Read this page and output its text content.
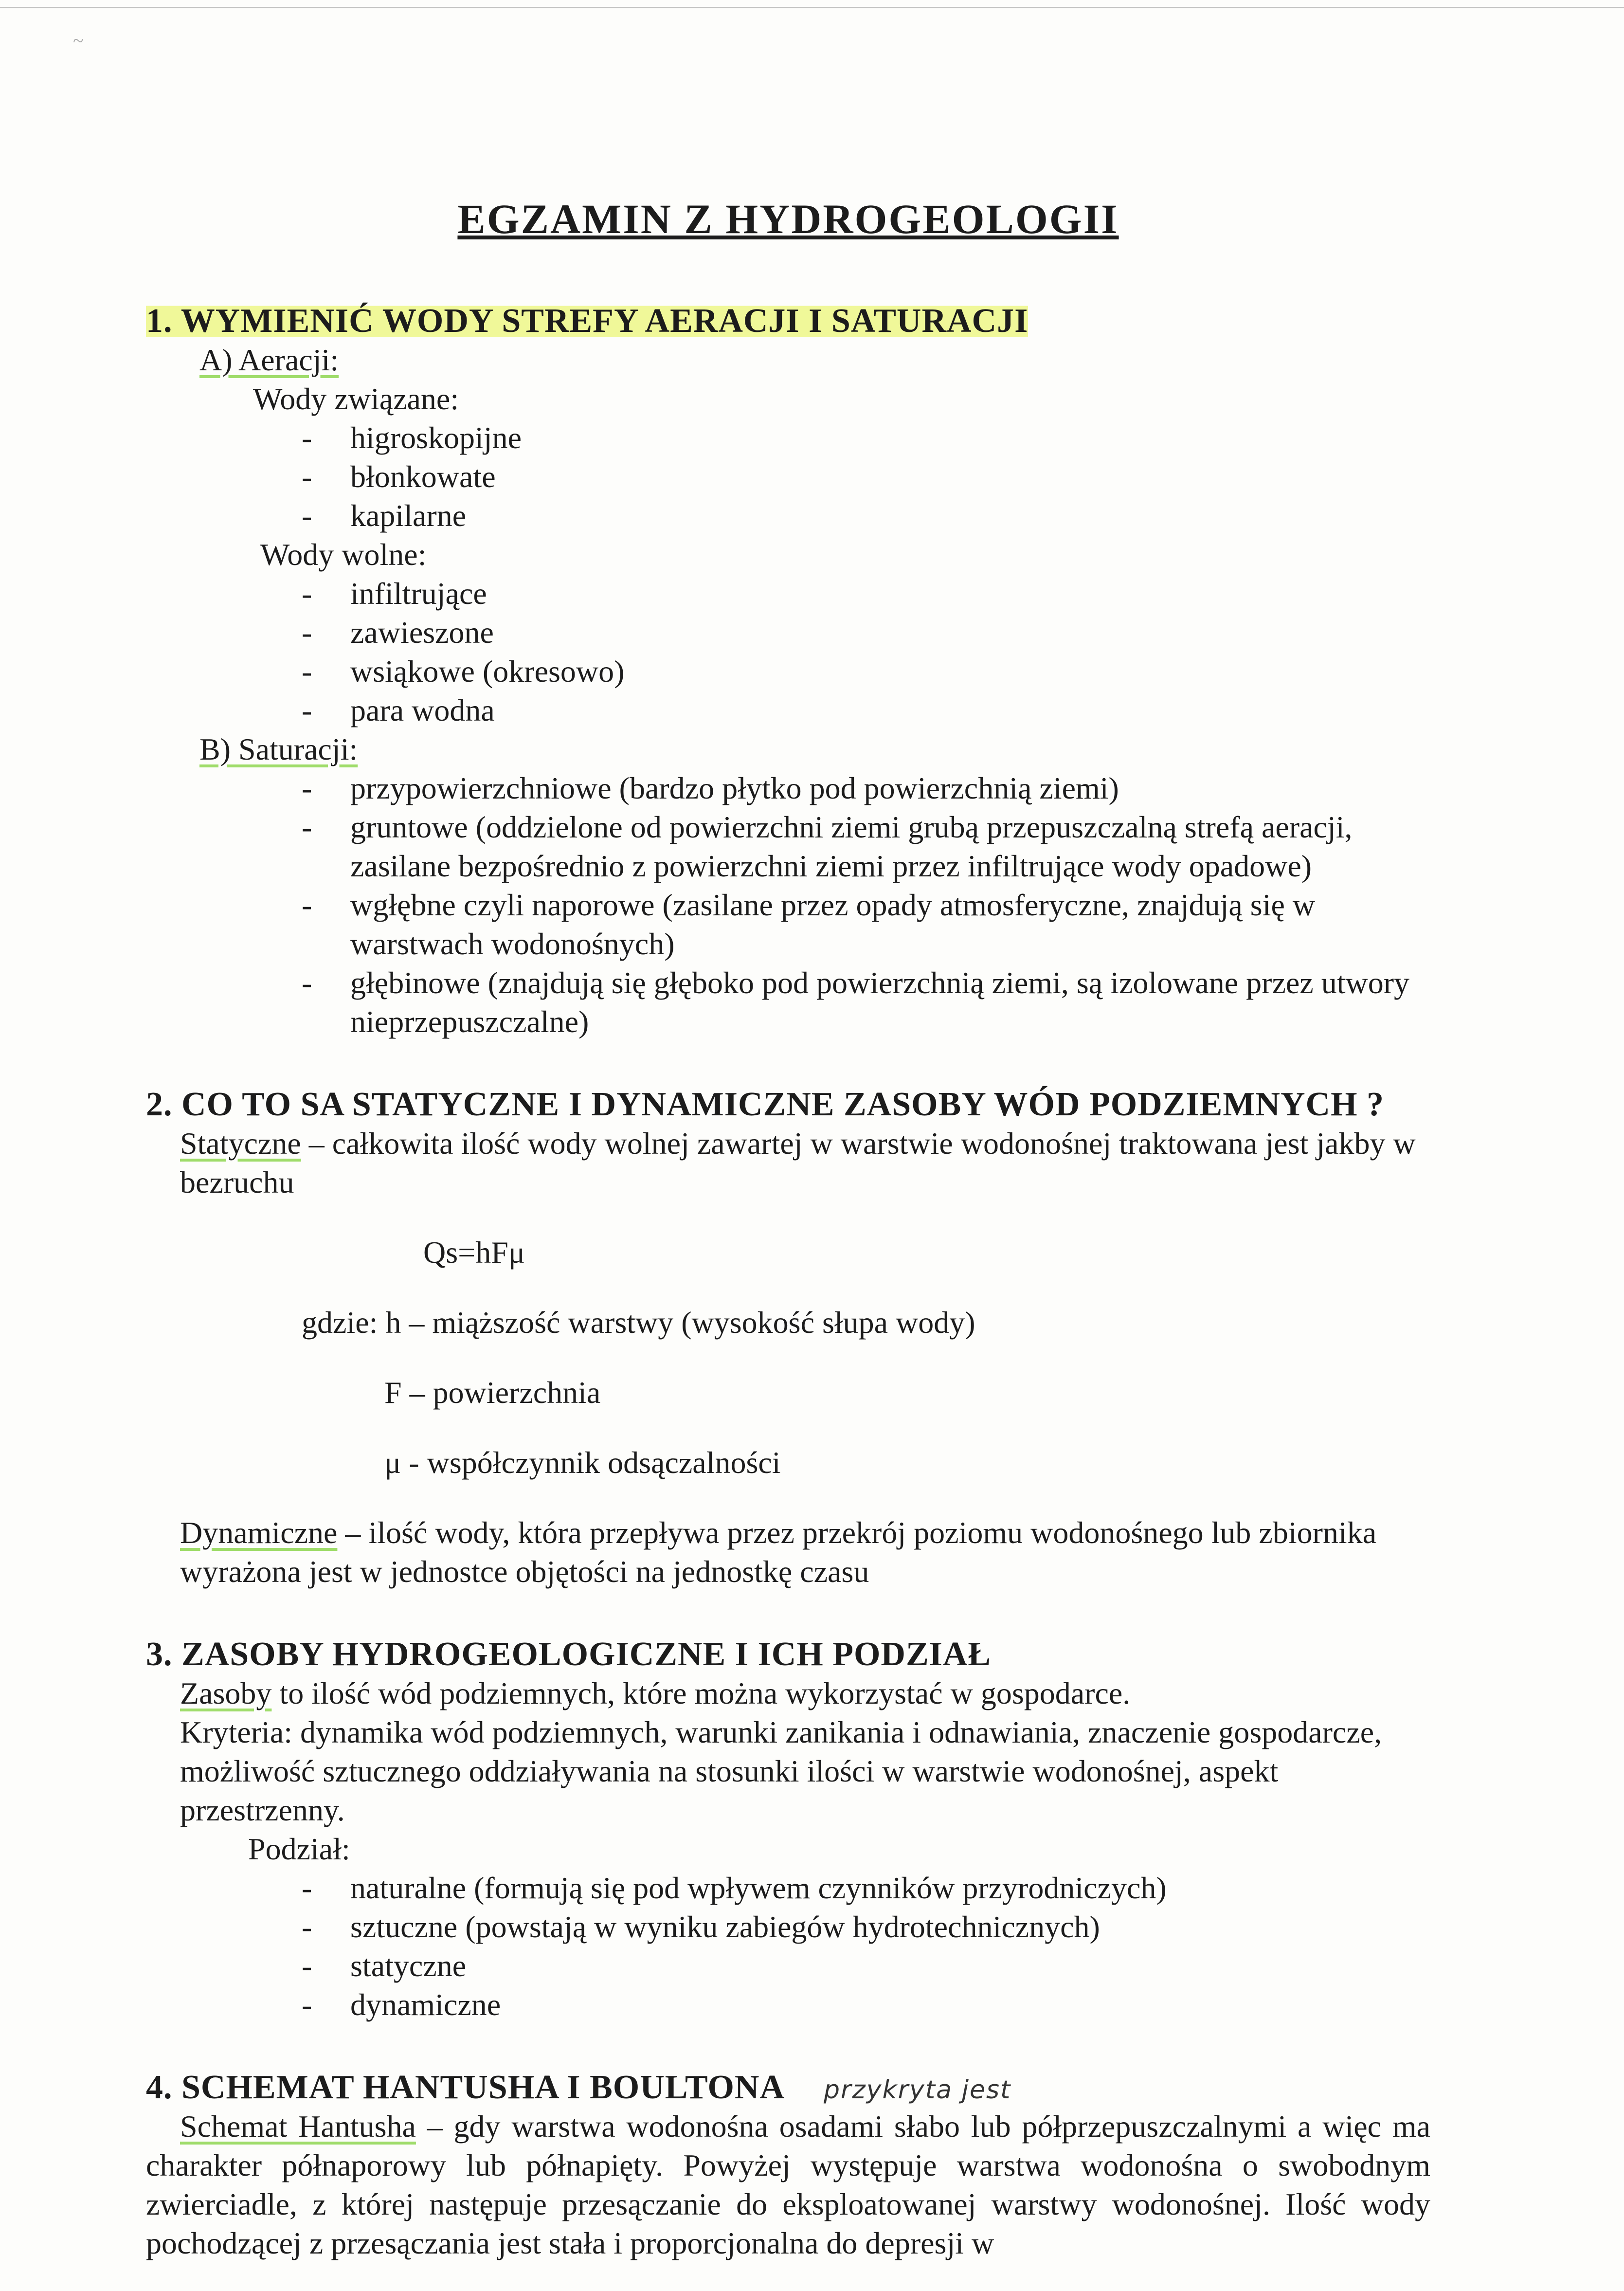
~
EGZAMIN Z HYDROGEOLOGII

1. WYMIENIĆ WODY STREFY AERACJI I SATURACJI

A) Aeracji:

Wody związane:

- higroskopijne
- błonkowate
- kapilarne

Wody wolne:

- infiltrujące
- zawieszone
- wsiąkowe (okresowo)
- para wodna

B) Saturacji:

- przypowierzchniowe (bardzo płytko pod powierzchnią ziemi)
- gruntowe (oddzielone od powierzchni ziemi grubą przepuszczalną strefą aeracji, zasilane bezpośrednio z powierzchni ziemi przez infiltrujące wody opadowe)
- wgłębne czyli naporowe (zasilane przez opady atmosferyczne, znajdują się w warstwach wodonośnych)
- głębinowe (znajdują się głęboko pod powierzchnią ziemi, są izolowane przez utwory nieprzepuszczalne)

2. CO TO SA STATYCZNE I DYNAMICZNE ZASOBY WÓD PODZIEMNYCH ?

Statyczne – całkowita ilość wody wolnej zawartej w warstwie wodonośnej traktowana jest jakby w bezruchu

Qs=hFμ

gdzie: h – miąższość warstwy (wysokość słupa wody)

F – powierzchnia

μ - współczynnik odsączalności

Dynamiczne – ilość wody, która przepływa przez przekrój poziomu wodonośnego lub zbiornika wyrażona jest w jednostce objętości na jednostkę czasu

3. ZASOBY HYDROGEOLOGICZNE I ICH PODZIAŁ

Zasoby to ilość wód podziemnych, które można wykorzystać w gospodarce.

Kryteria: dynamika wód podziemnych, warunki zanikania i odnawiania, znaczenie gospodarcze, możliwość sztucznego oddziaływania na stosunki ilości w warstwie wodonośnej, aspekt przestrzenny.

Podział:

- naturalne (formują się pod wpływem czynników przyrodniczych)
- sztuczne (powstają w wyniku zabiegów hydrotechnicznych)
- statyczne
- dynamiczne

4. SCHEMAT HANTUSHA I BOULTONA przykryta jest

Schemat Hantusha – gdy warstwa wodonośna osadami słabo lub półprzepuszczalnymi a więc ma charakter półnaporowy lub półnapięty. Powyżej występuje warstwa wodonośna o swobodnym zwierciadle, z której następuje przesączanie do eksploatowanej warstwy wodonośnej. Ilość wody pochodzącej z przesączania jest stała i proporcjonalna do depresji w
